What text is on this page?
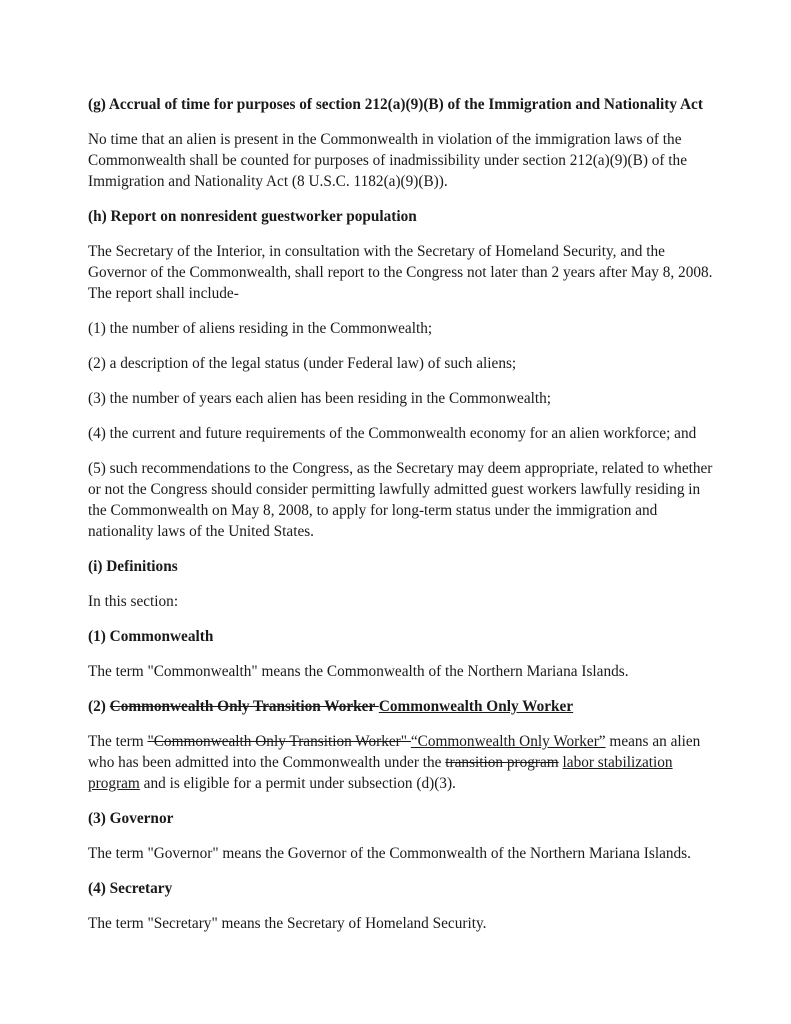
(g) Accrual of time for purposes of section 212(a)(9)(B) of the Immigration and Nationality Act

No time that an alien is present in the Commonwealth in violation of the immigration laws of the Commonwealth shall be counted for purposes of inadmissibility under section 212(a)(9)(B) of the Immigration and Nationality Act (8 U.S.C. 1182(a)(9)(B)).

(h) Report on nonresident guestworker population

The Secretary of the Interior, in consultation with the Secretary of Homeland Security, and the Governor of the Commonwealth, shall report to the Congress not later than 2 years after May 8, 2008. The report shall include-

(1) the number of aliens residing in the Commonwealth;

(2) a description of the legal status (under Federal law) of such aliens;

(3) the number of years each alien has been residing in the Commonwealth;

(4) the current and future requirements of the Commonwealth economy for an alien workforce; and

(5) such recommendations to the Congress, as the Secretary may deem appropriate, related to whether or not the Congress should consider permitting lawfully admitted guest workers lawfully residing in the Commonwealth on May 8, 2008, to apply for long-term status under the immigration and nationality laws of the United States.

(i) Definitions

In this section:

(1) Commonwealth

The term "Commonwealth" means the Commonwealth of the Northern Mariana Islands.

(2) Commonwealth Only Transition Worker Commonwealth Only Worker

The term "Commonwealth Only Transition Worker" “Commonwealth Only Worker” means an alien who has been admitted into the Commonwealth under the transition program labor stabilization program and is eligible for a permit under subsection (d)(3).

(3) Governor

The term "Governor" means the Governor of the Commonwealth of the Northern Mariana Islands.

(4) Secretary

The term "Secretary" means the Secretary of Homeland Security.
